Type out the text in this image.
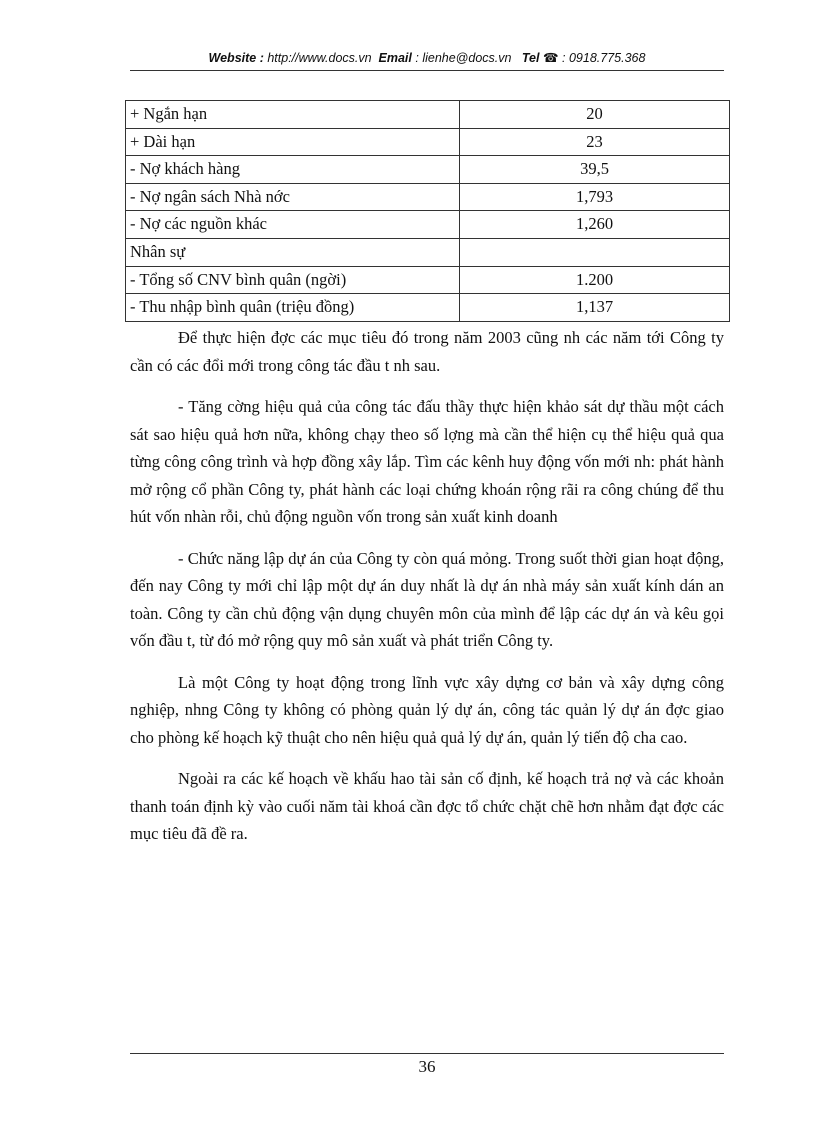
Website : http://www.docs.vn Email : lienhe@docs.vn Tel ☎ : 0918.775.368
+ Ngắn hạn	20
+ Dài hạn	23
- Nợ khách hàng	39,5
- Nợ ngân sách Nhà nớc	1,793
- Nợ các nguồn khác	1,260
Nhân sự	
- Tổng số CNV bình quân (ngời)	1.200
- Thu nhập bình quân (triệu đồng)	1,137

Để thực hiện đợc các mục tiêu đó trong năm 2003 cũng nh các năm tới Công ty cần có các đổi mới trong công tác đầu t nh sau.

- Tăng cờng hiệu quả của công tác đấu thầy thực hiện khảo sát dự thầu một cách sát sao hiệu quả hơn nữa, không chạy theo số lợng mà cần thể hiện cụ thể hiệu quả qua từng công công trình và hợp đồng xây lắp. Tìm các kênh huy động vốn mới nh: phát hành mở rộng cổ phần Công ty, phát hành các loại chứng khoán rộng rãi ra công chúng để thu hút vốn nhàn rỗi, chủ động nguồn vốn trong sản xuất kinh doanh

- Chức năng lập dự án của Công ty còn quá mỏng. Trong suốt thời gian hoạt động, đến nay Công ty mới chỉ lập một dự án duy nhất là dự án nhà máy sản xuất kính dán an toàn. Công ty cần chủ động vận dụng chuyên môn của mình để lập các dự án và kêu gọi vốn đầu t, từ đó mở rộng quy mô sản xuất và phát triển Công ty.

Là một Công ty hoạt động trong lĩnh vực xây dựng cơ bản và xây dựng công nghiệp, nhng Công ty không có phòng quản lý dự án, công tác quản lý dự án đợc giao cho phòng kế hoạch kỹ thuật cho nên hiệu quả quả lý dự án, quản lý tiến độ cha cao.

Ngoài ra các kế hoạch về khấu hao tài sản cố định, kế hoạch trả nợ và các khoản thanh toán định kỳ vào cuối năm tài khoá cần đợc tổ chức chặt chẽ hơn nhằm đạt đợc các mục tiêu đã đề ra.

36
